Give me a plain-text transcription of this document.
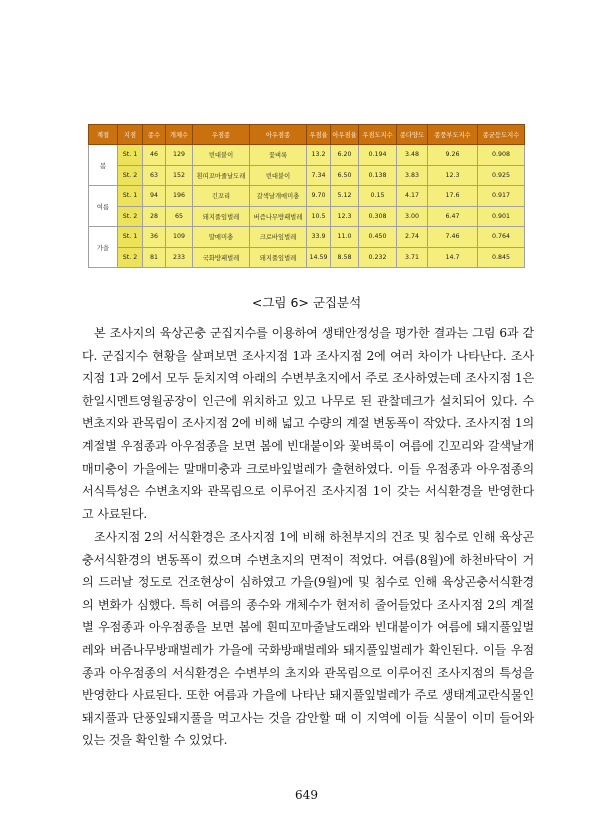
계절	지점	종수	개체수	우점종	아우점종	우점율	아우점율	우점도지수	종다양도	종풍부도지수	종균등도지수
봄	St. 1	46	129	빈대붙이	꽃벼룩	13.2	6.20	0.194	3.48	9.26	0.908
	St. 2	63	152	흰띠꼬마줄날도래	빈대붙이	7.34	6.50	0.138	3.83	12.3	0.925
여름	St. 1	94	196	긴꼬리	갈색날개매미충	9.70	5.12	0.15	4.17	17.6	0.917
	St. 2	28	65	돼지풀잎벌레	버즘나무방패벌레	10.5	12.3	0.308	3.00	6.47	0.901
가을	St. 1	36	109	말매미충	크로바잎벌레	33.9	11.0	0.450	2.74	7.46	0.764
	St. 2	81	233	국화방패벌레	돼지풀잎벌레	14.59	8.58	0.232	3.71	14.7	0.845
<그림 6> 군집분석

본 조사지의 육상곤충 군집지수를 이용하여 생태안정성을 평가한 결과는 그림 6과 같다. 군집지수 현황을 살펴보면 조사지점 1과 조사지점 2에 여러 차이가 나타난다. 조사지점 1과 2에서 모두 둔치지역 아래의 수변부초지에서 주로 조사하였는데 조사지점 1은 한일시멘트영월공장이 인근에 위치하고 있고 나무로 된 관찰데크가 설치되어 있다. 수변초지와 관목림이 조사지점 2에 비해 넓고 수량의 계절 변동폭이 작았다. 조사지점 1의 계절별 우점종과 아우점종을 보면 봄에 빈대붙이와 꽃벼룩이 여름에 긴꼬리와 갈색날개매미충이 가을에는 말매미충과 크로바잎벌레가 출현하였다. 이들 우점종과 아우점종의 서식특성은 수변초지와 관목림으로 이루어진 조사지점 1이 갖는 서식환경을 반영한다고 사료된다.

조사지점 2의 서식환경은 조사지점 1에 비해 하천부지의 건조 및 침수로 인해 육상곤충서식환경의 변동폭이 컸으며 수변초지의 면적이 적었다. 여름(8월)에 하천바닥이 거의 드러날 정도로 건조현상이 심하였고 가을(9월)에 및 침수로 인해 육상곤충서식환경의 변화가 심했다. 특히 여름의 종수와 개체수가 현저히 줄어들었다 조사지점 2의 계절별 우점종과 아우점종을 보면 봄에 흰띠꼬마줄날도래와 빈대붙이가 여름에 돼지풀잎벌레와 버즘나무방패벌레가 가을에 국화방패벌레와 돼지풀잎벌레가 확인된다. 이들 우점종과 아우점종의 서식환경은 수변부의 초지와 관목림으로 이루어진 조사지점의 특성을 반영한다 사료된다. 또한 여름과 가을에 나타난 돼지풀잎벌레가 주로 생태계교란식물인 돼지풀과 단풍잎돼지풀을 먹고사는 것을 감안할 때 이 지역에 이들 식물이 이미 들어와 있는 것을 확인할 수 있었다.

649
